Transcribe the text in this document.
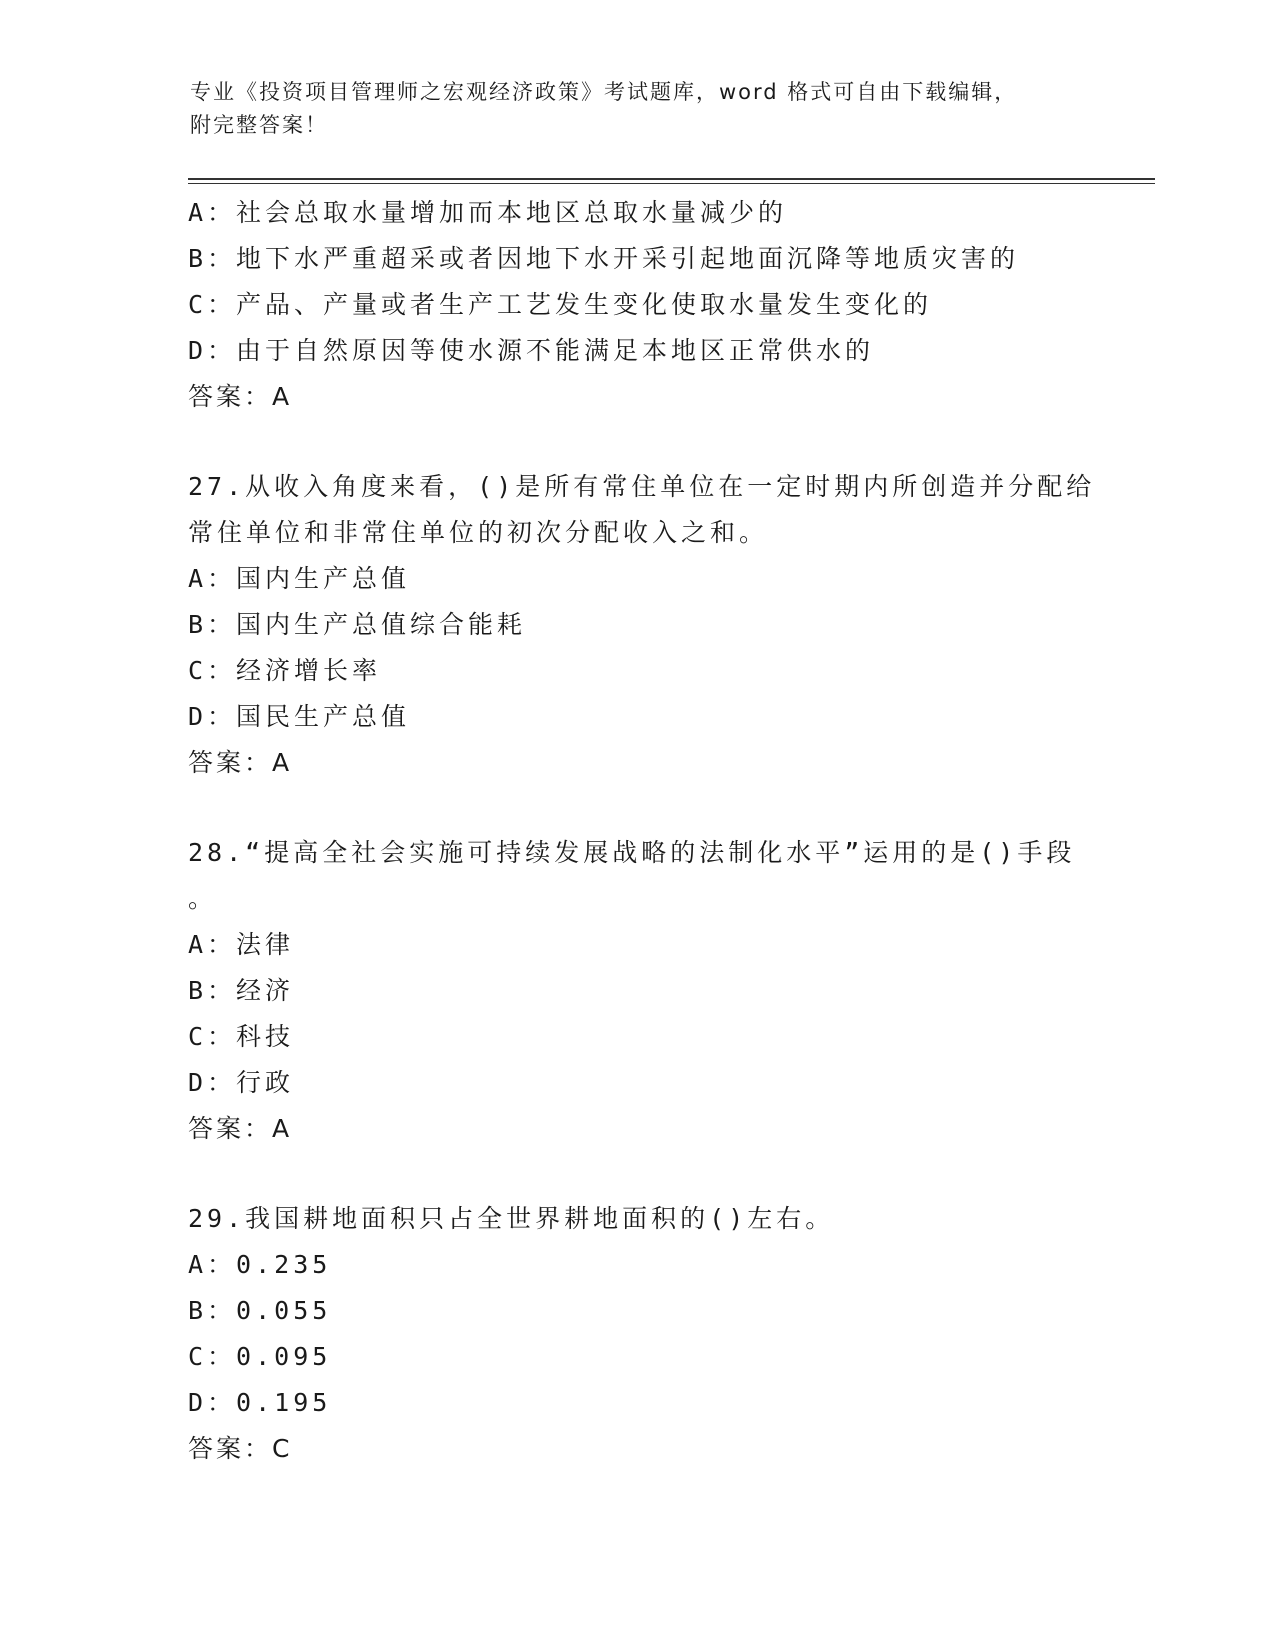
专业《投资项目管理师之宏观经济政策》考试题库，word 格式可自由下载编辑，
附完整答案！
A：社会总取水量增加而本地区总取水量减少的
B：地下水严重超采或者因地下水开采引起地面沉降等地质灾害的
C：产品、产量或者生产工艺发生变化使取水量发生变化的
D：由于自然原因等使水源不能满足本地区正常供水的
答案：A
27.从收入角度来看，()是所有常住单位在一定时期内所创造并分配给
常住单位和非常住单位的初次分配收入之和。
A：国内生产总值
B：国内生产总值综合能耗
C：经济增长率
D：国民生产总值
答案：A
28.“提高全社会实施可持续发展战略的法制化水平”运用的是()手段
。
A：法律
B：经济
C：科技
D：行政
答案：A
29.我国耕地面积只占全世界耕地面积的()左右。
A：0.235
B：0.055
C：0.095
D：0.195
答案：C
